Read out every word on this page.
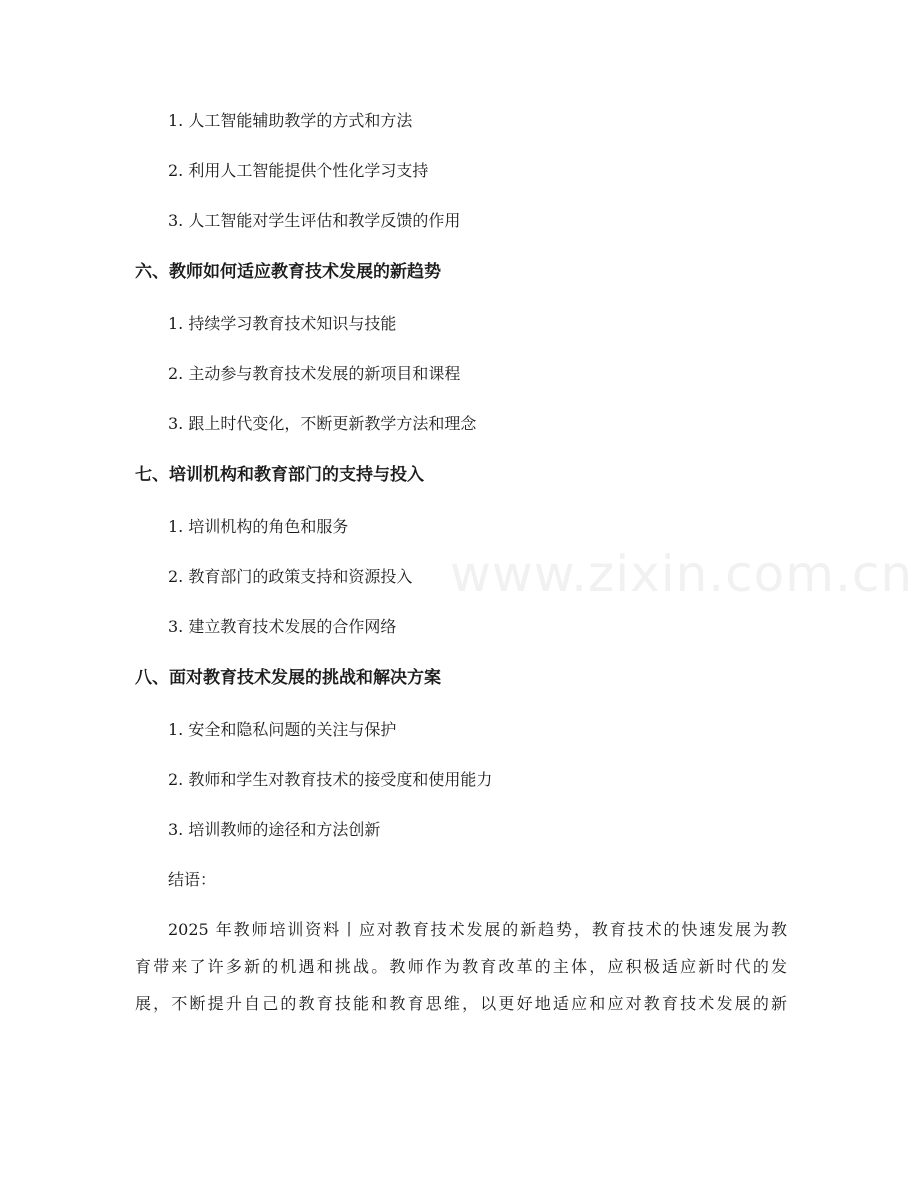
www.zixin.com.cn
1. 人工智能辅助教学的方式和方法
2. 利用人工智能提供个性化学习支持
3. 人工智能对学生评估和教学反馈的作用
六、教师如何适应教育技术发展的新趋势
1. 持续学习教育技术知识与技能
2. 主动参与教育技术发展的新项目和课程
3. 跟上时代变化，不断更新教学方法和理念
七、培训机构和教育部门的支持与投入
1. 培训机构的角色和服务
2. 教育部门的政策支持和资源投入
3. 建立教育技术发展的合作网络
八、面对教育技术发展的挑战和解决方案
1. 安全和隐私问题的关注与保护
2. 教师和学生对教育技术的接受度和使用能力
3. 培训教师的途径和方法创新
结语：
2025 年教师培训资料丨应对教育技术发展的新趋势，教育技术的快速发展为教
育带来了许多新的机遇和挑战。教师作为教育改革的主体，应积极适应新时代的发
展，不断提升自己的教育技能和教育思维，以更好地适应和应对教育技术发展的新
